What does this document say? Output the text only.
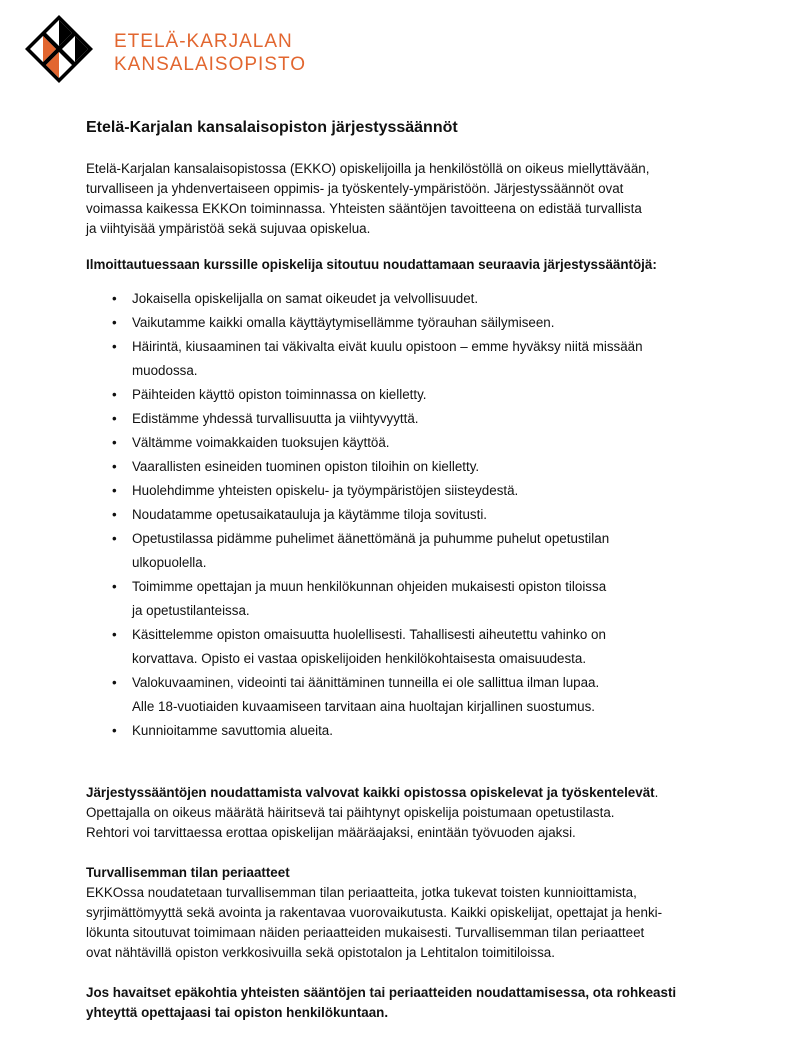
ETELÄ-KARJALAN
KANSALAISOPISTO
Etelä-Karjalan kansalaisopiston järjestyssäännöt

Etelä-Karjalan kansalaisopistossa (EKKO) opiskelijoilla ja henkilöstöllä on oikeus miellyttävään,
turvalliseen ja yhdenvertaiseen oppimis- ja työskentely-ympäristöön. Järjestyssäännöt ovat
voimassa kaikessa EKKOn toiminnassa. Yhteisten sääntöjen tavoitteena on edistää turvallista
ja viihtyisää ympäristöä sekä sujuvaa opiskelua.

Ilmoittautuessaan kurssille opiskelija sitoutuu noudattamaan seuraavia järjestyssääntöjä:

• Jokaisella opiskelijalla on samat oikeudet ja velvollisuudet.
• Vaikutamme kaikki omalla käyttäytymisellämme työrauhan säilymiseen.
• Häirintä, kiusaaminen tai väkivalta eivät kuulu opistoon – emme hyväksy niitä missään
muodossa.
• Päihteiden käyttö opiston toiminnassa on kielletty.
• Edistämme yhdessä turvallisuutta ja viihtyvyyttä.
• Vältämme voimakkaiden tuoksujen käyttöä.
• Vaarallisten esineiden tuominen opiston tiloihin on kielletty.
• Huolehdimme yhteisten opiskelu- ja työympäristöjen siisteydestä.
• Noudatamme opetusaikatauluja ja käytämme tiloja sovitusti.
• Opetustilassa pidämme puhelimet äänettömänä ja puhumme puhelut opetustilan
ulkopuolella.
• Toimimme opettajan ja muun henkilökunnan ohjeiden mukaisesti opiston tiloissa
ja opetustilanteissa.
• Käsittelemme opiston omaisuutta huolellisesti. Tahallisesti aiheutettu vahinko on
korvattava. Opisto ei vastaa opiskelijoiden henkilökohtaisesta omaisuudesta.
• Valokuvaaminen, videointi tai äänittäminen tunneilla ei ole sallittua ilman lupaa.
Alle 18-vuotiaiden kuvaamiseen tarvitaan aina huoltajan kirjallinen suostumus.
• Kunnioitamme savuttomia alueita.

Järjestyssääntöjen noudattamista valvovat kaikki opistossa opiskelevat ja työskentelevät.
Opettajalla on oikeus määrätä häiritsevä tai päihtynyt opiskelija poistumaan opetustilasta.
Rehtori voi tarvittaessa erottaa opiskelijan määräajaksi, enintään työvuoden ajaksi.

Turvallisemman tilan periaatteet
EKKOssa noudatetaan turvallisemman tilan periaatteita, jotka tukevat toisten kunnioittamista,
syrjimättömyyttä sekä avointa ja rakentavaa vuorovaikutusta. Kaikki opiskelijat, opettajat ja henki-
lökunta sitoutuvat toimimaan näiden periaatteiden mukaisesti. Turvallisemman tilan periaatteet
ovat nähtävillä opiston verkkosivuilla sekä opistotalon ja Lehtitalon toimitiloissa.

Jos havaitset epäkohtia yhteisten sääntöjen tai periaatteiden noudattamisessa, ota rohkeasti
yhteyttä opettajaasi tai opiston henkilökuntaan.
